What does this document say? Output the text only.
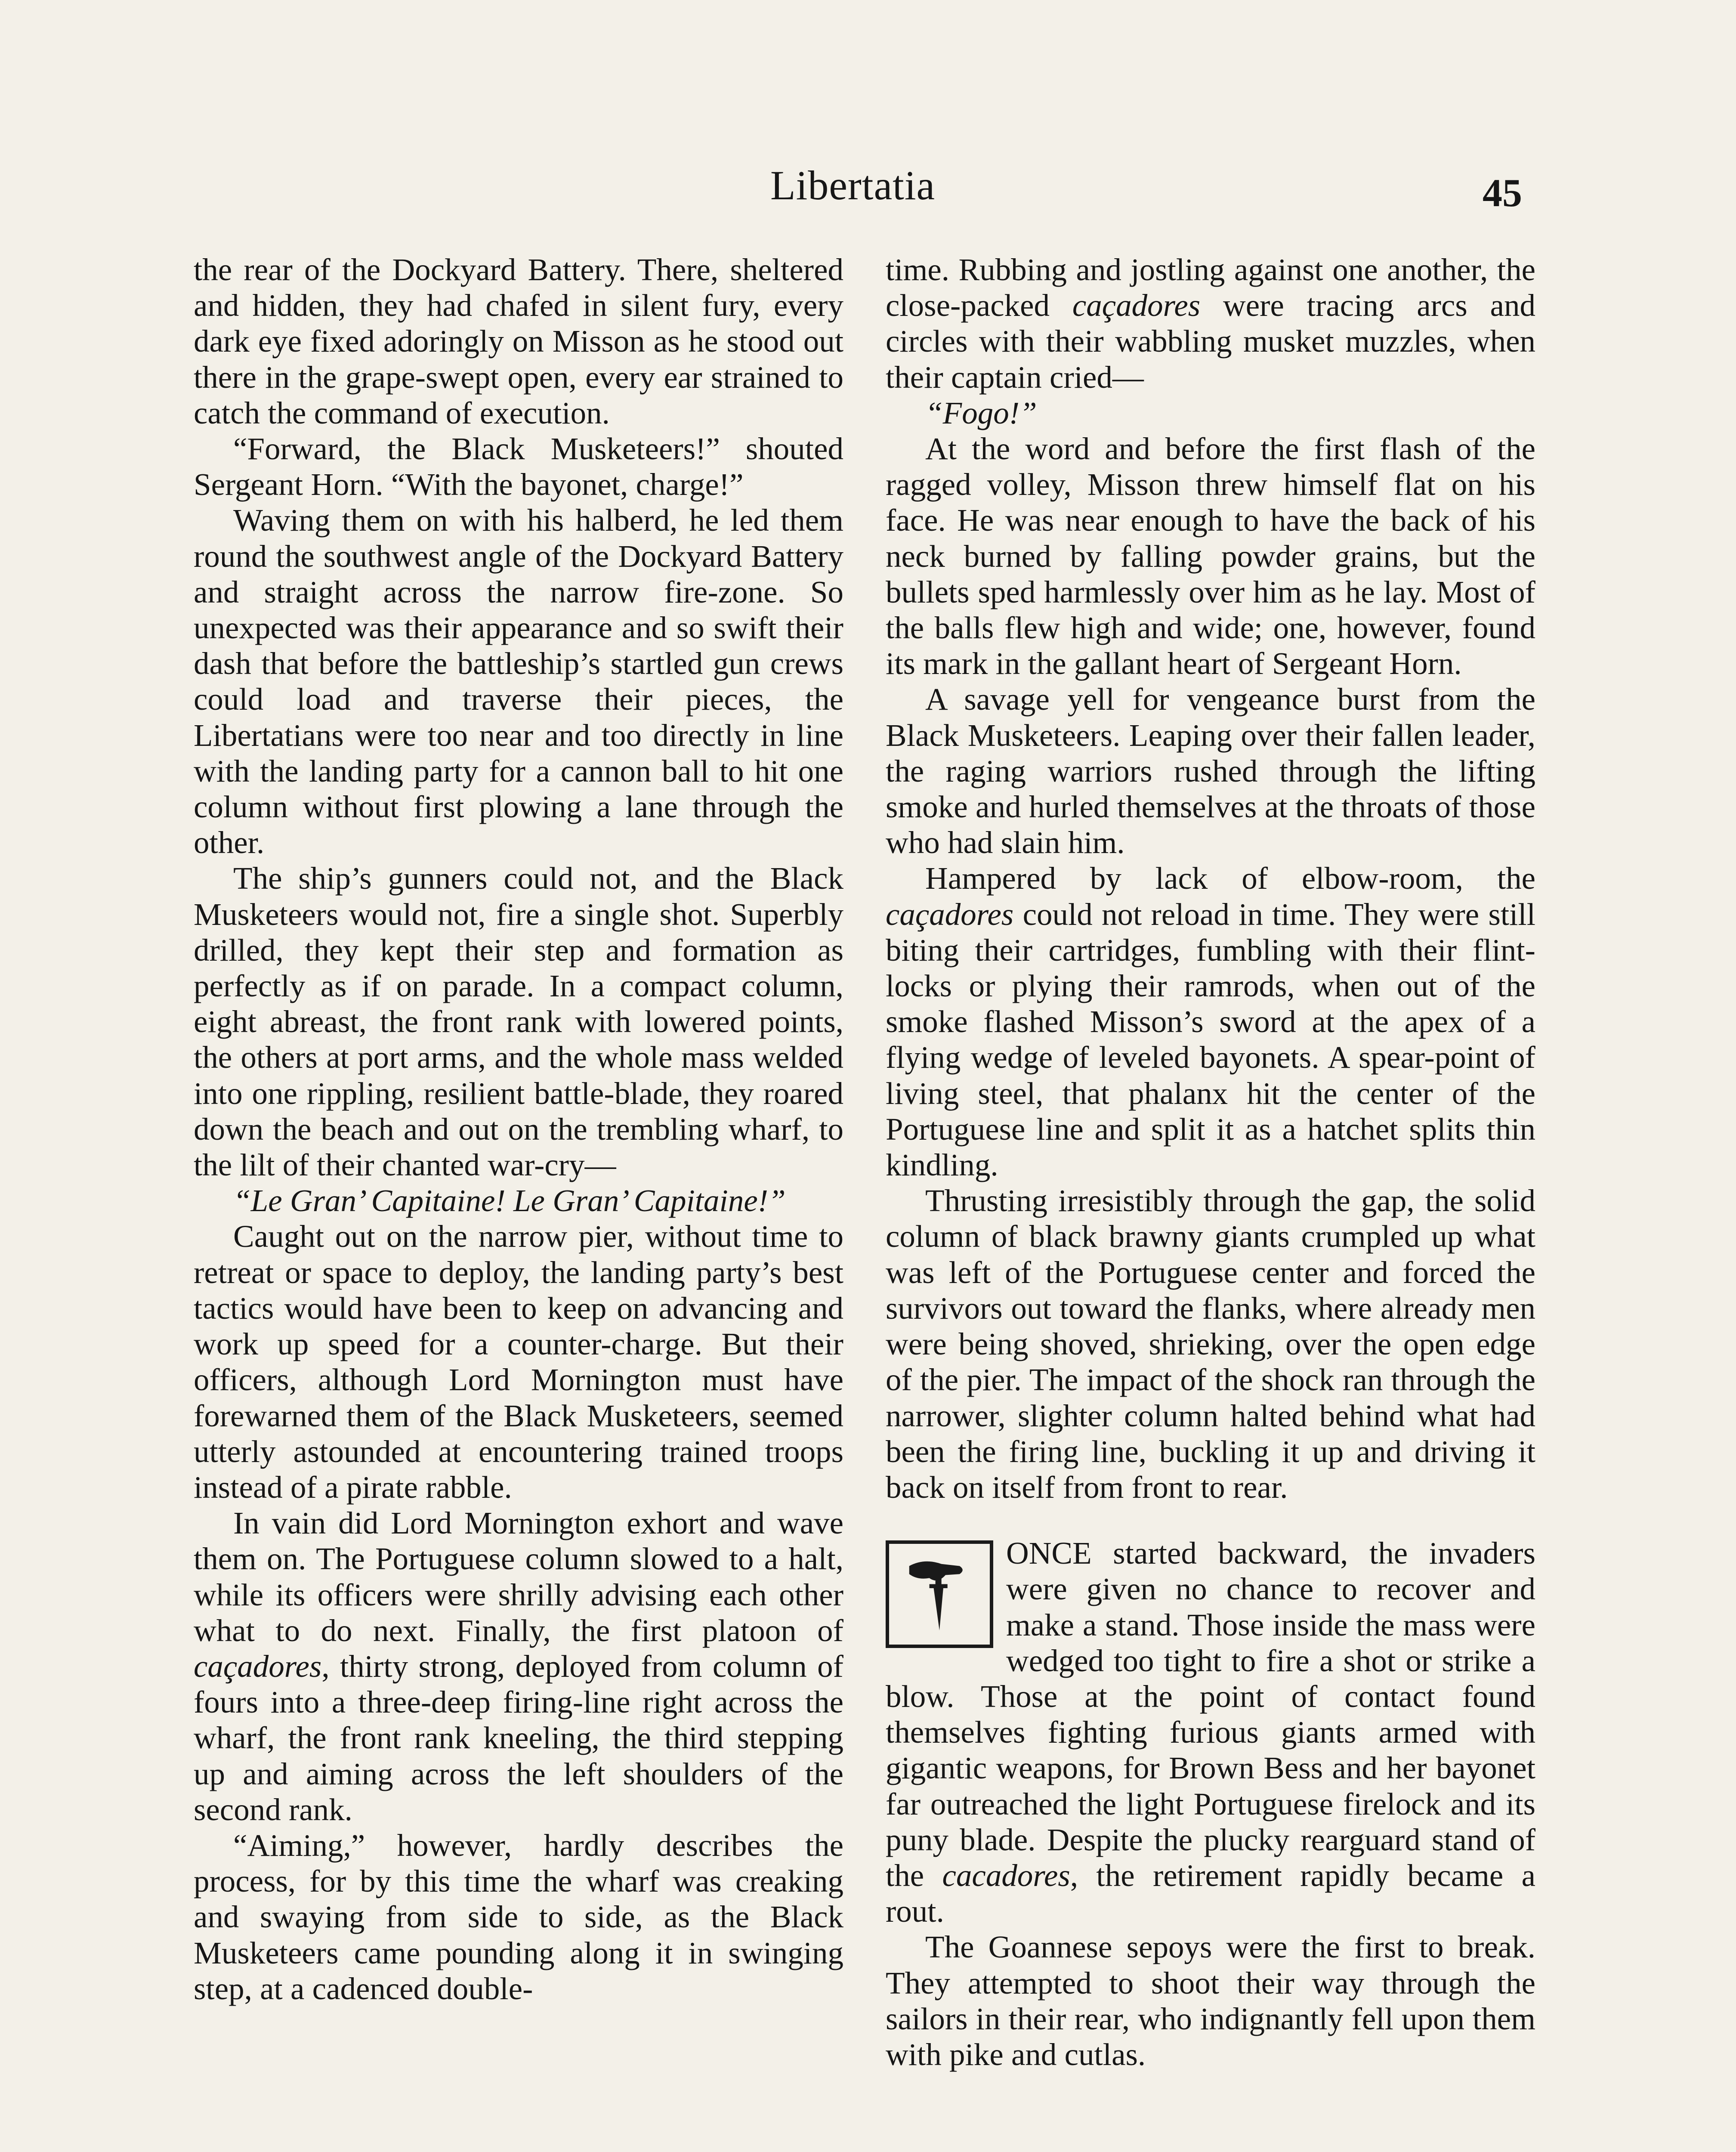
Libertatia	45

the rear of the Dockyard Battery. There, sheltered and hidden, they had chafed in silent fury, every dark eye fixed adoringly on Misson as he stood out there in the grape-swept open, every ear strained to catch the command of execution.

“Forward, the Black Musketeers!” shouted Sergeant Horn. “With the bayonet, charge!”

Waving them on with his halberd, he led them round the southwest angle of the Dockyard Battery and straight across the narrow fire-zone. So unexpected was their appearance and so swift their dash that before the battleship’s startled gun crews could load and traverse their pieces, the Libertatians were too near and too directly in line with the landing party for a cannon ball to hit one column without first plowing a lane through the other.

The ship’s gunners could not, and the Black Musketeers would not, fire a single shot. Superbly drilled, they kept their step and formation as perfectly as if on parade. In a compact column, eight abreast, the front rank with lowered points, the others at port arms, and the whole mass welded into one rippling, resilient battle-blade, they roared down the beach and out on the trembling wharf, to the lilt of their chanted war-cry—

“Le Gran’ Capitaine! Le Gran’ Capitaine!”

Caught out on the narrow pier, without time to retreat or space to deploy, the landing party’s best tactics would have been to keep on advancing and work up speed for a counter-charge. But their officers, although Lord Mornington must have forewarned them of the Black Musketeers, seemed utterly astounded at encountering trained troops instead of a pirate rabble.

In vain did Lord Mornington exhort and wave them on. The Portuguese column slowed to a halt, while its officers were shrilly advising each other what to do next. Finally, the first platoon of caçadores, thirty strong, deployed from column of fours into a three-deep firing-line right across the wharf, the front rank kneeling, the third stepping up and aiming across the left shoulders of the second rank.

“Aiming,” however, hardly describes the process, for by this time the wharf was creaking and swaying from side to side, as the Black Musketeers came pounding along it in swinging step, at a cadenced double-

time. Rubbing and jostling against one another, the close-packed caçadores were tracing arcs and circles with their wabbling musket muzzles, when their captain cried—

“Fogo!”

At the word and before the first flash of the ragged volley, Misson threw himself flat on his face. He was near enough to have the back of his neck burned by falling powder grains, but the bullets sped harmlessly over him as he lay. Most of the balls flew high and wide; one, however, found its mark in the gallant heart of Sergeant Horn.

A savage yell for vengeance burst from the Black Musketeers. Leaping over their fallen leader, the raging warriors rushed through the lifting smoke and hurled themselves at the throats of those who had slain him.

Hampered by lack of elbow-room, the caçadores could not reload in time. They were still biting their cartridges, fumbling with their flint-locks or plying their ramrods, when out of the smoke flashed Misson’s sword at the apex of a flying wedge of leveled bayonets. A spear-point of living steel, that phalanx hit the center of the Portuguese line and split it as a hatchet splits thin kindling.

Thrusting irresistibly through the gap, the solid column of black brawny giants crumpled up what was left of the Portuguese center and forced the survivors out toward the flanks, where already men were being shoved, shrieking, over the open edge of the pier. The impact of the shock ran through the narrower, slighter column halted behind what had been the firing line, buckling it up and driving it back on itself from front to rear.

ONCE started backward, the invaders were given no chance to recover and make a stand. Those inside the mass were wedged too tight to fire a shot or strike a blow. Those at the point of contact found themselves fighting furious giants armed with gigantic weapons, for Brown Bess and her bayonet far outreached the light Portuguese firelock and its puny blade. Despite the plucky rearguard stand of the cacadores, the retirement rapidly became a rout.

The Goannese sepoys were the first to break. They attempted to shoot their way through the sailors in their rear, who indignantly fell upon them with pike and cutlas.
